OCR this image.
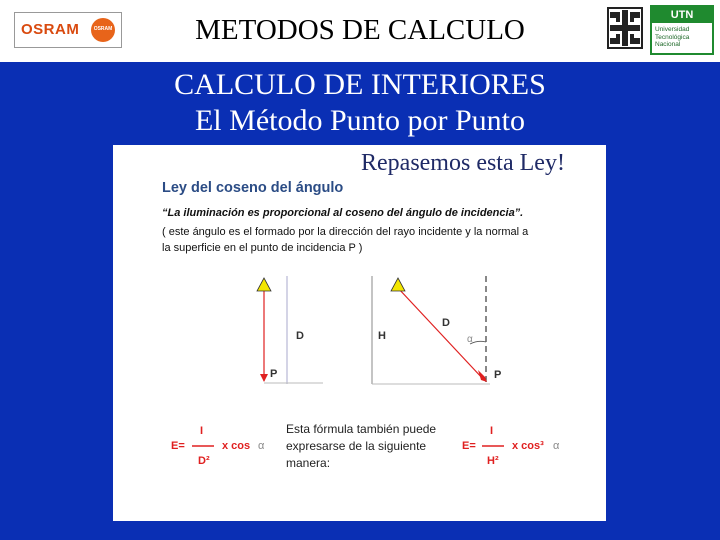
OSRAM	OSRAM	METODOS DE CALCULO	UTN
Universidad
Tecnológica
Nacional
CALCULO DE INTERIORES
El Método Punto por Punto
Repasemos esta Ley!
Ley del coseno del ángulo
“La iluminación es proporcional al coseno del ángulo de incidencia”.
( este ángulo es el formado por la dirección del rayo incidente y la normal a
la superficie en el punto de incidencia P )
D
P
H
D
P
α
E=
I
D²
x cos α
Esta fórmula también puede
expresarse de la siguiente
manera:
E=
I
H²
x cos³ α
